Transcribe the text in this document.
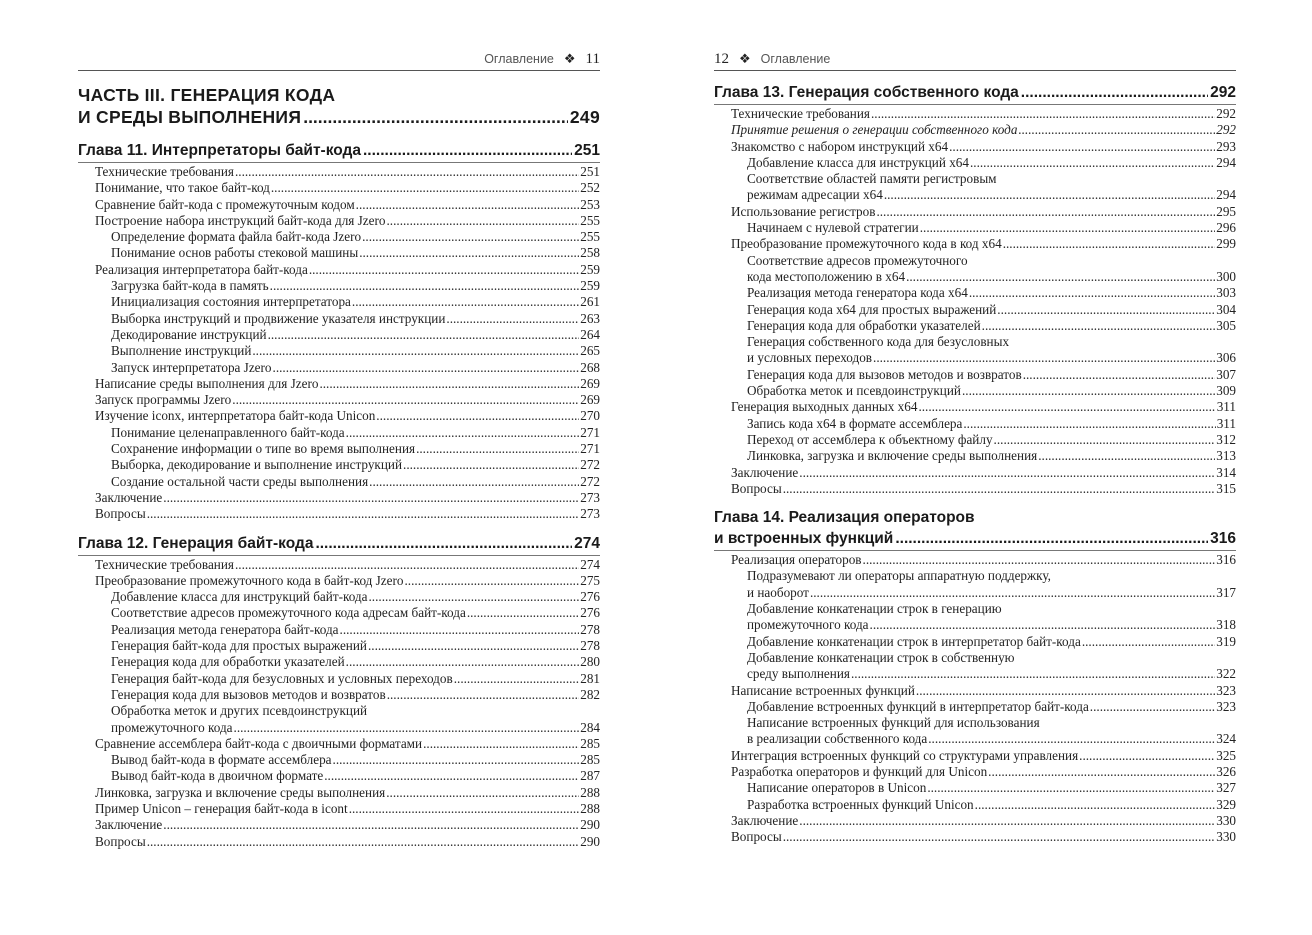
Оглавление ❖ 11
ЧАСТЬ III. ГЕНЕРАЦИЯ КОДА
И СРЕДЫ ВЫПОЛНЕНИЯ .....	249
Глава 11. Интерпретаторы байт-кода .....	251
Технические требования .....	251
Понимание, что такое байт-код .....	252
Сравнение байт-кода с промежуточным кодом .....	253
Построение набора инструкций байт-кода для Jzero .....	255
Определение формата файла байт-кода Jzero .....	255
Понимание основ работы стековой машины .....	258
Реализация интерпретатора байт-кода .....	259
Загрузка байт-кода в память .....	259
Инициализация состояния интерпретатора .....	261
Выборка инструкций и продвижение указателя инструкции .....	263
Декодирование инструкций .....	264
Выполнение инструкций .....	265
Запуск интерпретатора Jzero .....	268
Написание среды выполнения для Jzero .....	269
Запуск программы Jzero .....	269
Изучение iconx, интерпретатора байт-кода Unicon .....	270
Понимание целенаправленного байт-кода .....	271
Сохранение информации о типе во время выполнения .....	271
Выборка, декодирование и выполнение инструкций .....	272
Создание остальной части среды выполнения .....	272
Заключение .....	273
Вопросы .....	273
Глава 12. Генерация байт-кода .....	274
Технические требования .....	274
Преобразование промежуточного кода в байт-код Jzero .....	275
Добавление класса для инструкций байт-кода .....	276
Соответствие адресов промежуточного кода адресам байт-кода .....	276
Реализация метода генератора байт-кода .....	278
Генерация байт-кода для простых выражений .....	278
Генерация кода для обработки указателей .....	280
Генерация байт-кода для безусловных и условных переходов .....	281
Генерация кода для вызовов методов и возвратов .....	282
Обработка меток и других псевдоинструкций
промежуточного кода .....	284
Сравнение ассемблера байт-кода с двоичными форматами .....	285
Вывод байт-кода в формате ассемблера .....	285
Вывод байт-кода в двоичном формате .....	287
Линковка, загрузка и включение среды выполнения .....	288
Пример Unicon – генерация байт-кода в icont .....	288
Заключение .....	290
Вопросы .....	290
12 ❖ Оглавление
Глава 13. Генерация собственного кода .....	292
Технические требования .....	292
Принятие решения о генерации собственного кода .....	292
Знакомство с набором инструкций x64 .....	293
Добавление класса для инструкций x64 .....	294
Соответствие областей памяти регистровым
режимам адресации x64 .....	294
Использование регистров .....	295
Начинаем с нулевой стратегии .....	296
Преобразование промежуточного кода в код x64 .....	299
Соответствие адресов промежуточного
кода местоположению в x64 .....	300
Реализация метода генератора кода x64 .....	303
Генерация кода x64 для простых выражений .....	304
Генерация кода для обработки указателей .....	305
Генерация собственного кода для безусловных
и условных переходов .....	306
Генерация кода для вызовов методов и возвратов .....	307
Обработка меток и псевдоинструкций .....	309
Генерация выходных данных x64 .....	311
Запись кода x64 в формате ассемблера .....	311
Переход от ассемблера к объектному файлу .....	312
Линковка, загрузка и включение среды выполнения .....	313
Заключение .....	314
Вопросы .....	315
Глава 14. Реализация операторов
и встроенных функций .....	316
Реализация операторов .....	316
Подразумевают ли операторы аппаратную поддержку,
и наоборот .....	317
Добавление конкатенации строк в генерацию
промежуточного кода .....	318
Добавление конкатенации строк в интерпретатор байт-кода .....	319
Добавление конкатенации строк в собственную
среду выполнения .....	322
Написание встроенных функций .....	323
Добавление встроенных функций в интерпретатор байт-кода .....	323
Написание встроенных функций для использования
в реализации собственного кода .....	324
Интеграция встроенных функций со структурами управления .....	325
Разработка операторов и функций для Unicon .....	326
Написание операторов в Unicon .....	327
Разработка встроенных функций Unicon .....	329
Заключение .....	330
Вопросы .....	330
